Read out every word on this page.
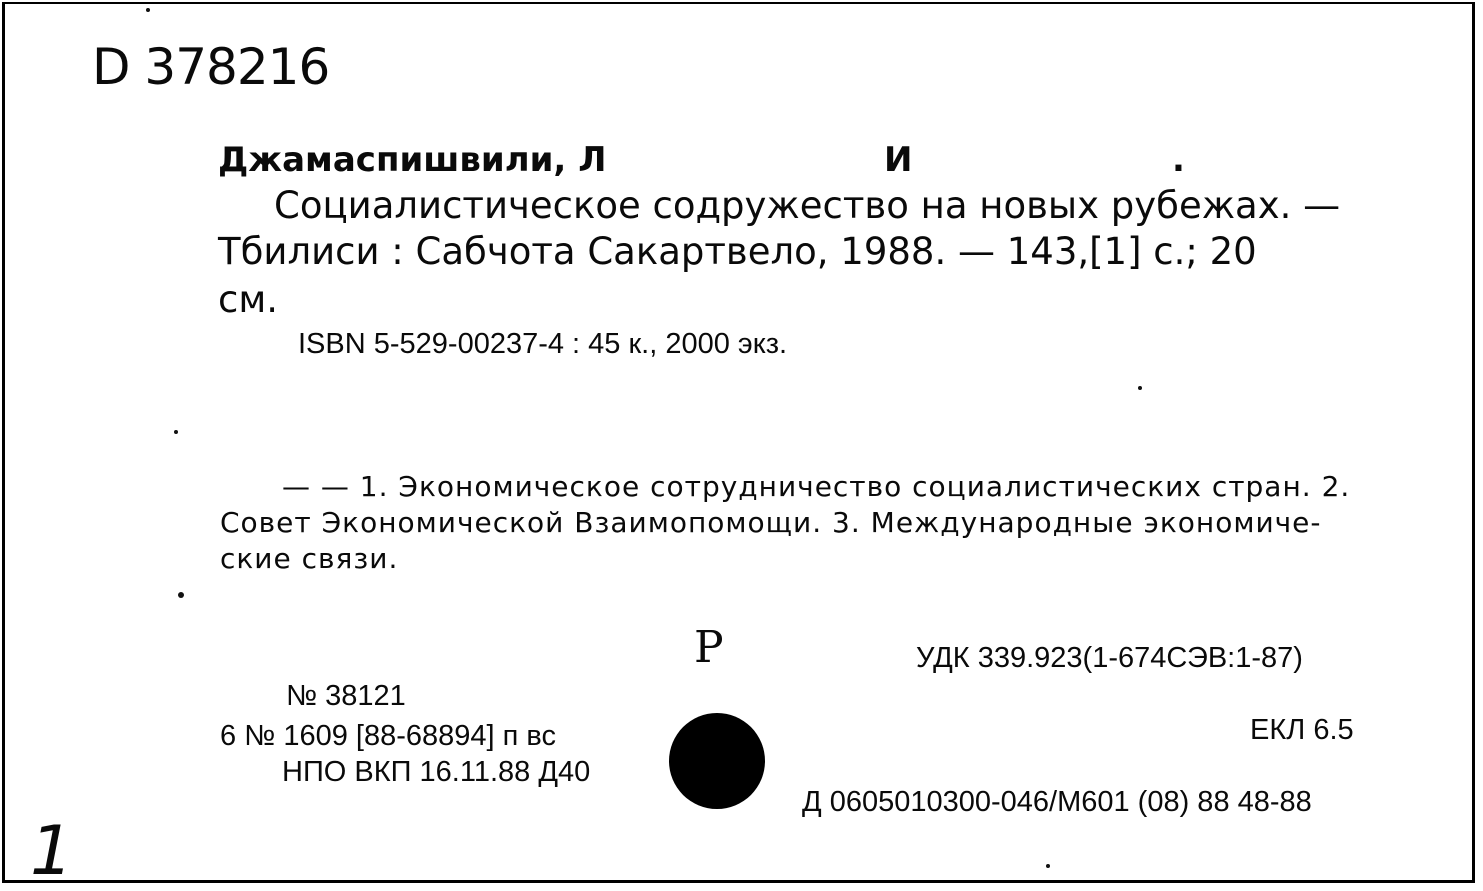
D 378216
Джамаспишвили, Л	И	.
Социалистическое содружество на новых рубежах. —
Тбилиси : Сабчота Сакартвело, 1988. — 143,[1] с.; 20
см.
ISBN 5-529-00237-4 : 45 к., 2000 экз.
— — 1. Экономическое сотрудничество социалистических стран. 2.
Совет Экономической Взаимопомощи. 3. Международные экономиче-
ские связи.
Р	УДК 339.923(1-674СЭВ:1-87)
№ 38121
6 № 1609 [88-68894] п вс
НПО ВКП 16.11.88 Д40
ЕКЛ 6.5
Д 0605010300-046/М601 (08) 88 48-88
1
